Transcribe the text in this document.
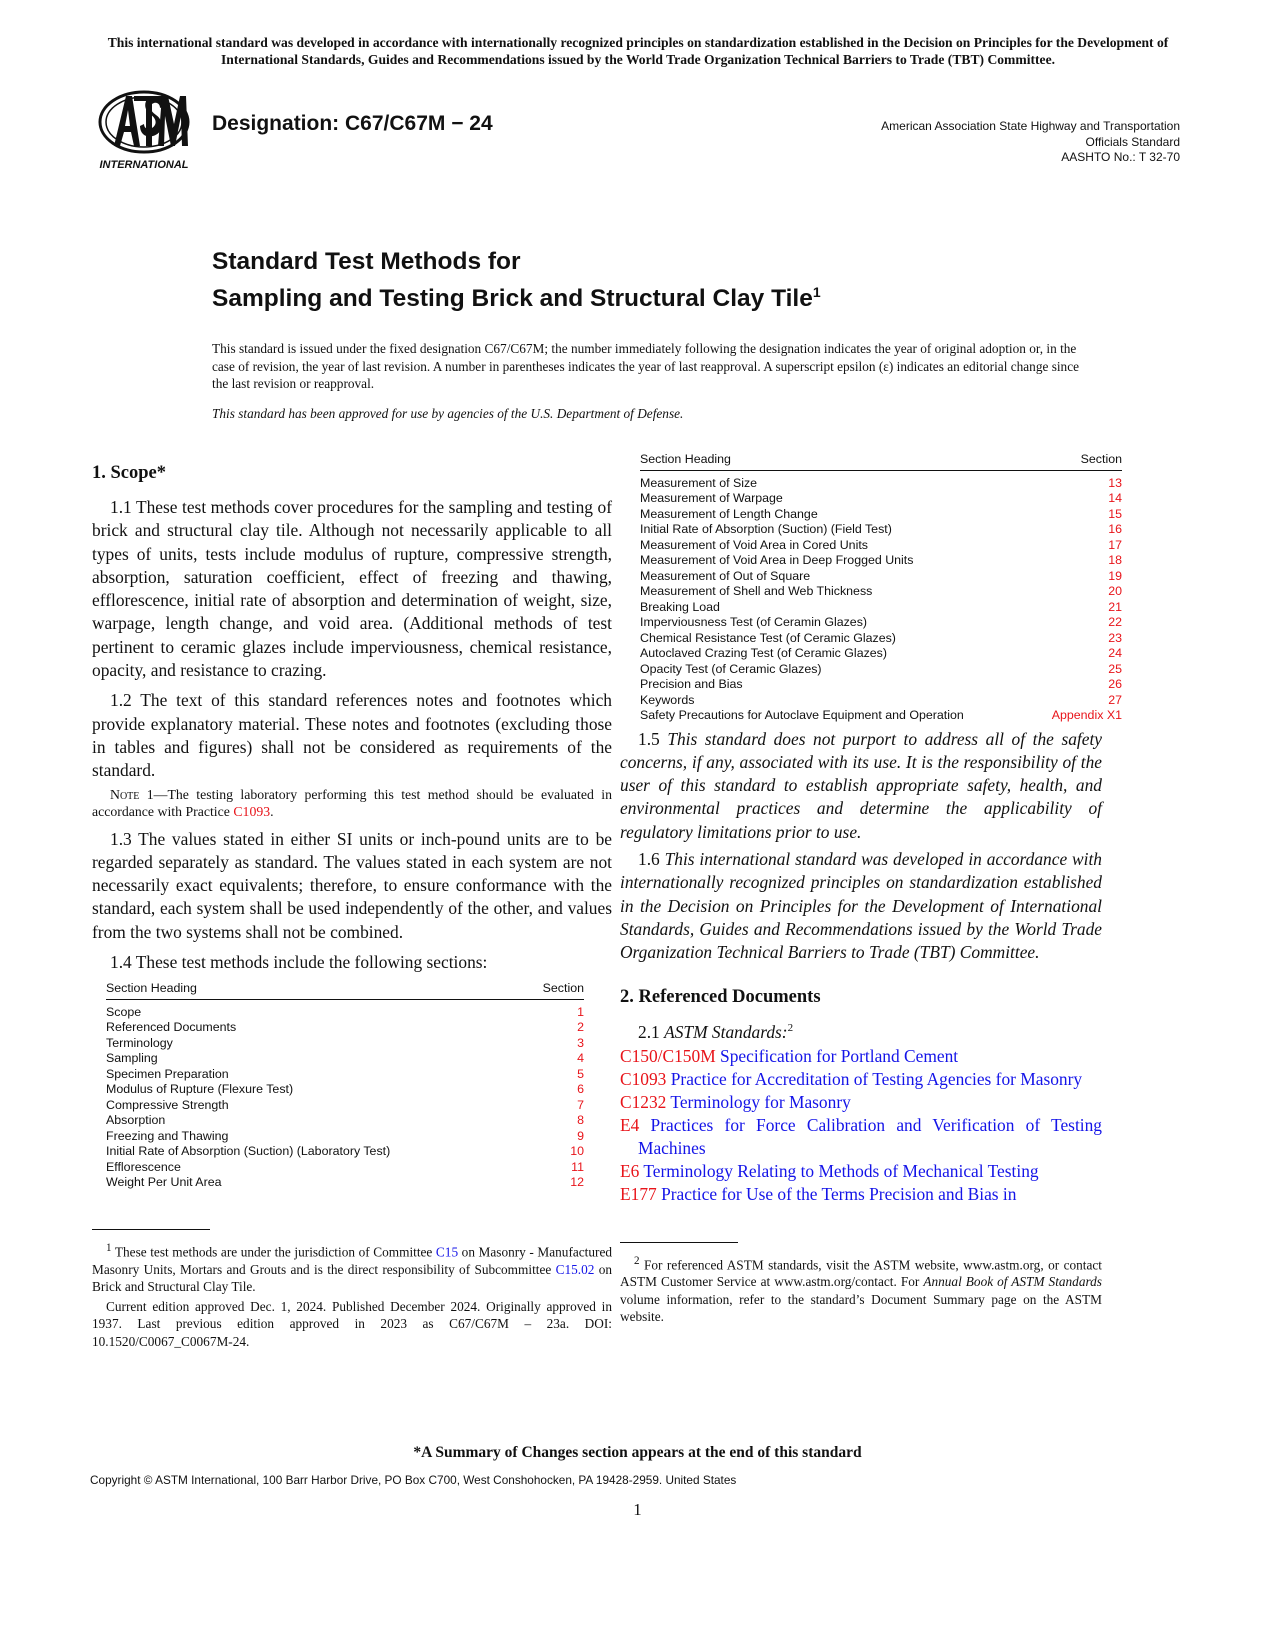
This international standard was developed in accordance with internationally recognized principles on standardization established in the Decision on Principles for the Development of International Standards, Guides and Recommendations issued by the World Trade Organization Technical Barriers to Trade (TBT) Committee.
INTERNATIONAL
Designation: C67/C67M − 24	American Association State Highway and Transportation
Officials Standard
AASHTO No.: T 32-70
Standard Test Methods for
Sampling and Testing Brick and Structural Clay Tile$^1$
This standard is issued under the fixed designation C67/C67M; the number immediately following the designation indicates the year of original adoption or, in the case of revision, the year of last revision. A number in parentheses indicates the year of last reapproval. A superscript epsilon (ε) indicates an editorial change since the last revision or reapproval.
This standard has been approved for use by agencies of the U.S. Department of Defense.
1. Scope*

1.1 These test methods cover procedures for the sampling and testing of brick and structural clay tile. Although not necessarily applicable to all types of units, tests include modulus of rupture, compressive strength, absorption, saturation coefficient, effect of freezing and thawing, efflorescence, initial rate of absorption and determination of weight, size, warpage, length change, and void area. (Additional methods of test pertinent to ceramic glazes include imperviousness, chemical resistance, opacity, and resistance to crazing.

1.2 The text of this standard references notes and footnotes which provide explanatory material. These notes and footnotes (excluding those in tables and figures) shall not be considered as requirements of the standard.

Note 1—The testing laboratory performing this test method should be evaluated in accordance with Practice C1093.

1.3 The values stated in either SI units or inch-pound units are to be regarded separately as standard. The values stated in each system are not necessarily exact equivalents; therefore, to ensure conformance with the standard, each system shall be used independently of the other, and values from the two systems shall not be combined.

1.4 These test methods include the following sections:

Section Heading	Section
Scope	1
Referenced Documents	2
Terminology	3
Sampling	4
Specimen Preparation	5
Modulus of Rupture (Flexure Test)	6
Compressive Strength	7
Absorption	8
Freezing and Thawing	9
Initial Rate of Absorption (Suction) (Laboratory Test)	10
Efflorescence	11
Weight Per Unit Area	12
$^1$ These test methods are under the jurisdiction of Committee C15 on Masonry - Manufactured Masonry Units, Mortars and Grouts and is the direct responsibility of Subcommittee C15.02 on Brick and Structural Clay Tile.
Current edition approved Dec. 1, 2024. Published December 2024. Originally approved in 1937. Last previous edition approved in 2023 as C67/C67M – 23a. DOI: 10.1520/C0067_C0067M-24.
Section Heading	Section
Measurement of Size	13
Measurement of Warpage	14
Measurement of Length Change	15
Initial Rate of Absorption (Suction) (Field Test)	16
Measurement of Void Area in Cored Units	17
Measurement of Void Area in Deep Frogged Units	18
Measurement of Out of Square	19
Measurement of Shell and Web Thickness	20
Breaking Load	21
Imperviousness Test (of Ceramin Glazes)	22
Chemical Resistance Test (of Ceramic Glazes)	23
Autoclaved Crazing Test (of Ceramic Glazes)	24
Opacity Test (of Ceramic Glazes)	25
Precision and Bias	26
Keywords	27
Safety Precautions for Autoclave Equipment and Operation	Appendix X1

1.5 This standard does not purport to address all of the safety concerns, if any, associated with its use. It is the responsibility of the user of this standard to establish appropriate safety, health, and environmental practices and determine the applicability of regulatory limitations prior to use.

1.6 This international standard was developed in accordance with internationally recognized principles on standardization established in the Decision on Principles for the Development of International Standards, Guides and Recommendations issued by the World Trade Organization Technical Barriers to Trade (TBT) Committee.

2. Referenced Documents

2.1 ASTM Standards:$^2$

C150/C150M Specification for Portland Cement

C1093 Practice for Accreditation of Testing Agencies for Masonry

C1232 Terminology for Masonry

E4 Practices for Force Calibration and Verification of Testing Machines

E6 Terminology Relating to Methods of Mechanical Testing

E177 Practice for Use of the Terms Precision and Bias in

$^2$ For referenced ASTM standards, visit the ASTM website, www.astm.org, or contact ASTM Customer Service at www.astm.org/contact. For Annual Book of ASTM Standards volume information, refer to the standard’s Document Summary page on the ASTM website.
*A Summary of Changes section appears at the end of this standard
Copyright © ASTM International, 100 Barr Harbor Drive, PO Box C700, West Conshohocken, PA 19428-2959. United States
1
